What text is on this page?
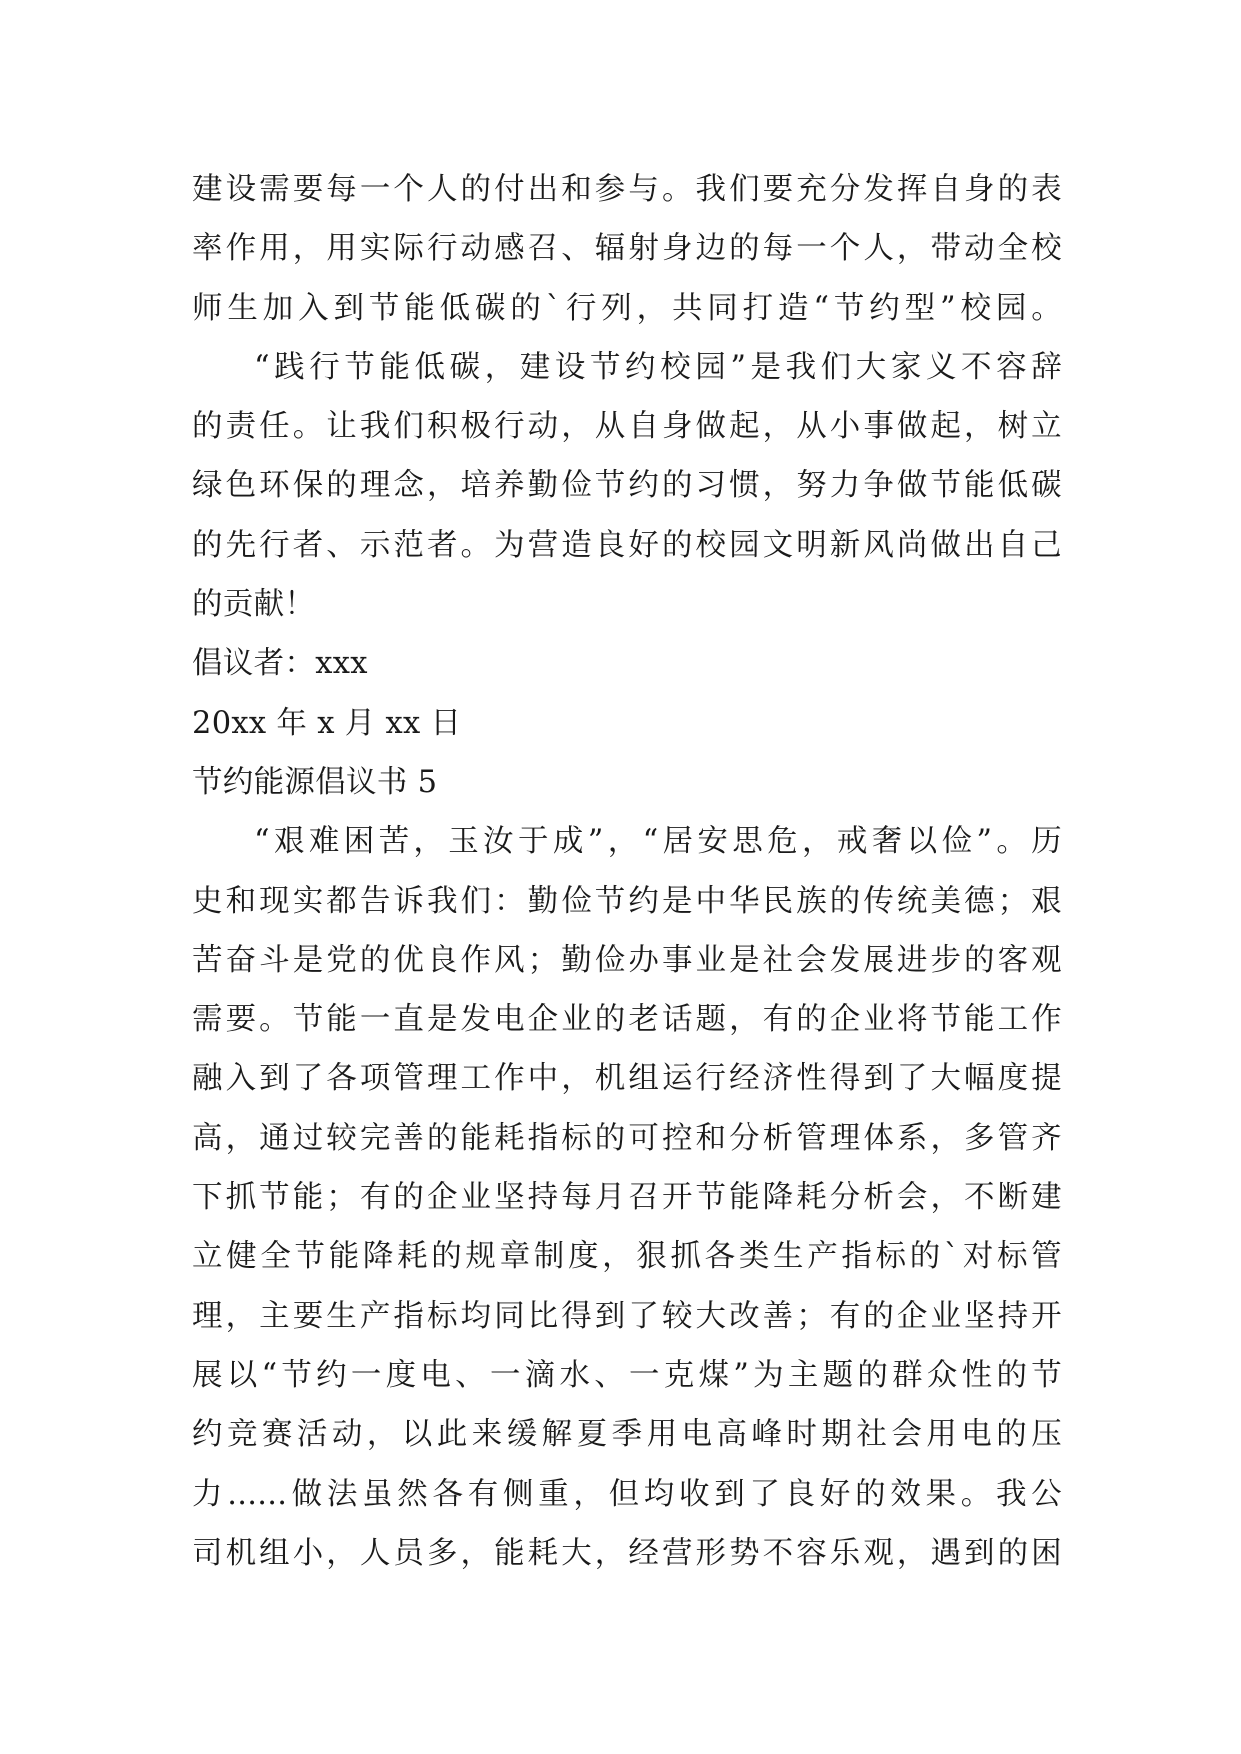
建设需要每一个人的付出和参与。我们要充分发挥自身的表
率作用，用实际行动感召、辐射身边的每一个人，带动全校
师生加入到节能低碳的`行列，共同打造“节约型”校园。
“践行节能低碳，建设节约校园”是我们大家义不容辞
的责任。让我们积极行动，从自身做起，从小事做起，树立
绿色环保的理念，培养勤俭节约的习惯，努力争做节能低碳
的先行者、示范者。为营造良好的校园文明新风尚做出自己
的贡献！
倡议者：xxx
20xx 年 x 月 xx 日
节约能源倡议书 5
“艰难困苦，玉汝于成”，“居安思危，戒奢以俭”。历
史和现实都告诉我们：勤俭节约是中华民族的传统美德；艰
苦奋斗是党的优良作风；勤俭办事业是社会发展进步的客观
需要。节能一直是发电企业的老话题，有的企业将节能工作
融入到了各项管理工作中，机组运行经济性得到了大幅度提
高，通过较完善的能耗指标的可控和分析管理体系，多管齐
下抓节能；有的企业坚持每月召开节能降耗分析会，不断建
立健全节能降耗的规章制度，狠抓各类生产指标的`对标管
理，主要生产指标均同比得到了较大改善；有的企业坚持开
展以“节约一度电、一滴水、一克煤”为主题的群众性的节
约竞赛活动，以此来缓解夏季用电高峰时期社会用电的压
力......做法虽然各有侧重，但均收到了良好的效果。我公
司机组小，人员多，能耗大，经营形势不容乐观，遇到的困
